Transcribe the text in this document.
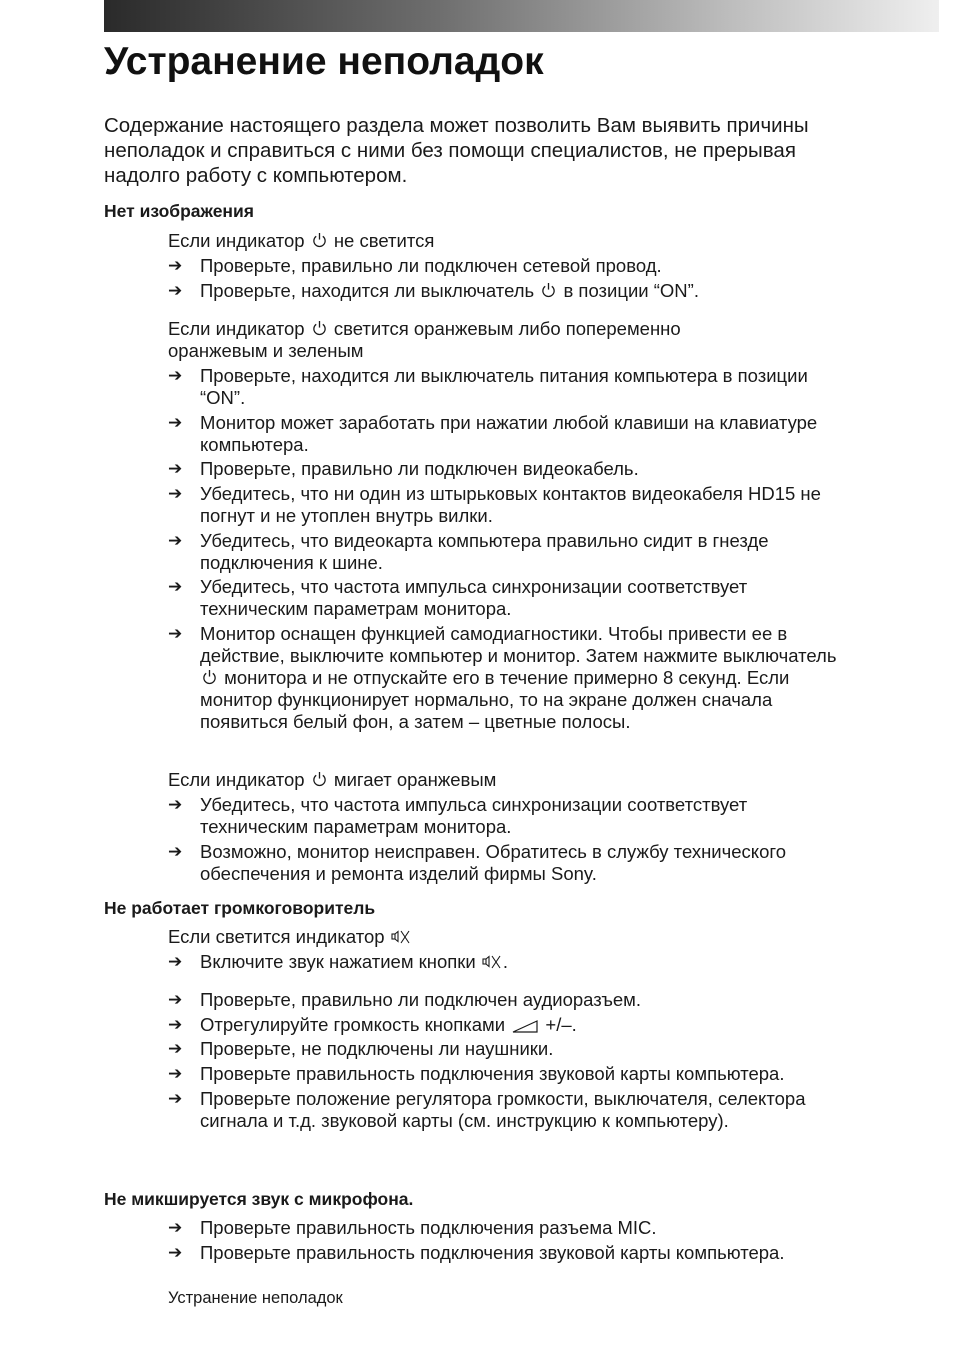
Устранение неполадок

Содержание настоящего раздела может позволить Вам выявить причины неполадок и справиться с ними без помощи специалистов, не прерывая надолго работу с компьютером.

Нет изображения

Если индикатор не светится

➔ Проверьте, правильно ли подключен сетевой провод.
➔ Проверьте, находится ли выключатель в позиции “ON”.

Если индикатор светится оранжевым либо попеременно оранжевым и зеленым

➔ Проверьте, находится ли выключатель питания компьютера в позиции “ON”.
➔ Монитор может заработать при нажатии любой клавиши на клавиатуре компьютера.
➔ Проверьте, правильно ли подключен видеокабель.
➔ Убедитесь, что ни один из штырьковых контактов видеокабеля HD15 не погнут и не утоплен внутрь вилки.
➔ Убедитесь, что видеокарта компьютера правильно сидит в гнезде подключения к шине.
➔ Убедитесь, что частота импульса синхронизации соответствует техническим параметрам монитора.
➔ Монитор оснащен функцией самодиагностики. Чтобы привести ее в действие, выключите компьютер и монитор. Затем нажмите выключатель  монитора и не отпускайте его в течение примерно 8 секунд. Если монитор функционирует нормально, то на экране должен сначала появиться белый фон, а затем – цветные полосы.

Если индикатор мигает оранжевым

➔ Убедитесь, что частота импульса синхронизации соответствует техническим параметрам монитора.
➔ Возможно, монитор неисправен. Обратитесь в службу технического обеспечения и ремонта изделий фирмы Sony.
Не работает громкоговоритель

Если светится индикатор

➔ Включите звук нажатием кнопки .
➔ Проверьте, правильно ли подключен аудиоразъем.
➔ Отрегулируйте громкость кнопками +/–.
➔ Проверьте, не подключены ли наушники.
➔ Проверьте правильность подключения звуковой карты компьютера.
➔ Проверьте положение регулятора громкости, выключателя, селектора сигнала и т.д. звуковой карты (см. инструкцию к компьютеру).
Не микшируется звук с микрофона.
➔ Проверьте правильность подключения разъема MIC.
➔ Проверьте правильность подключения звуковой карты компьютера.

Устранение неполадок
